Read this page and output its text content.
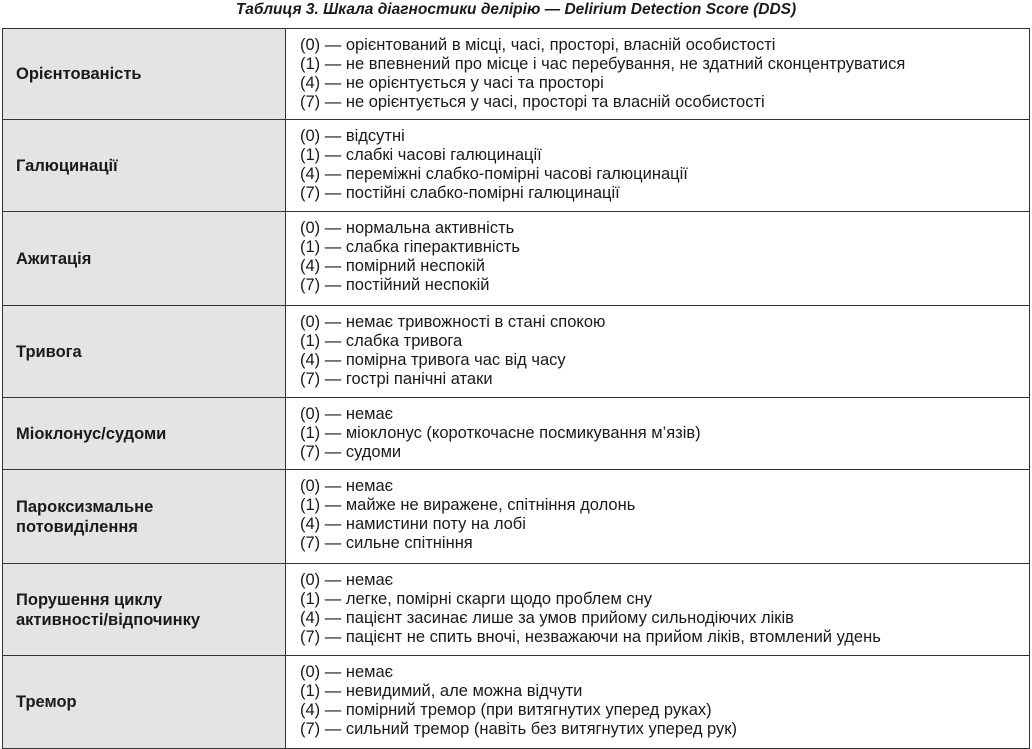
Таблиця 3. Шкала діагностики делірію — Delirium Detection Score (DDS)
Орієнтованість	(0) — орієнтований в місці, часі, просторі, власній особистості
(1) — не впевнений про місце і час перебування, не здатний сконцентруватися
(4) — не орієнтується у часі та просторі
(7) — не орієнтується у часі, просторі та власній особистості

Галюцинації	(0) — відсутні
(1) — слабкі часові галюцинації
(4) — переміжні слабко-помірні часові галюцинації
(7) — постійні слабко-помірні галюцинації

Ажитація	(0) — нормальна активність
(1) — слабка гіперактивність
(4) — помірний неспокій
(7) — постійний неспокій

Тривога	(0) — немає тривожності в стані спокою
(1) — слабка тривога
(4) — помірна тривога час від часу
(7) — гострі панічні атаки

Міоклонус/судоми	(0) — немає
(1) — міоклонус (короткочасне посмикування м’язів)
(7) — судоми

Пароксизмальне потовиділення	(0) — немає
(1) — майже не виражене, спітніння долонь
(4) — намистини поту на лобі
(7) — сильне спітніння

Порушення циклу активності/відпочинку	(0) — немає
(1) — легке, помірні скарги щодо проблем сну
(4) — пацієнт засинає лише за умов прийому сильнодіючих ліків
(7) — пацієнт не спить вночі, незважаючи на прийом ліків, втомлений удень

Тремор	(0) — немає
(1) — невидимий, але можна відчути
(4) — помірний тремор (при витягнутих уперед руках)
(7) — сильний тремор (навіть без витягнутих уперед рук)
